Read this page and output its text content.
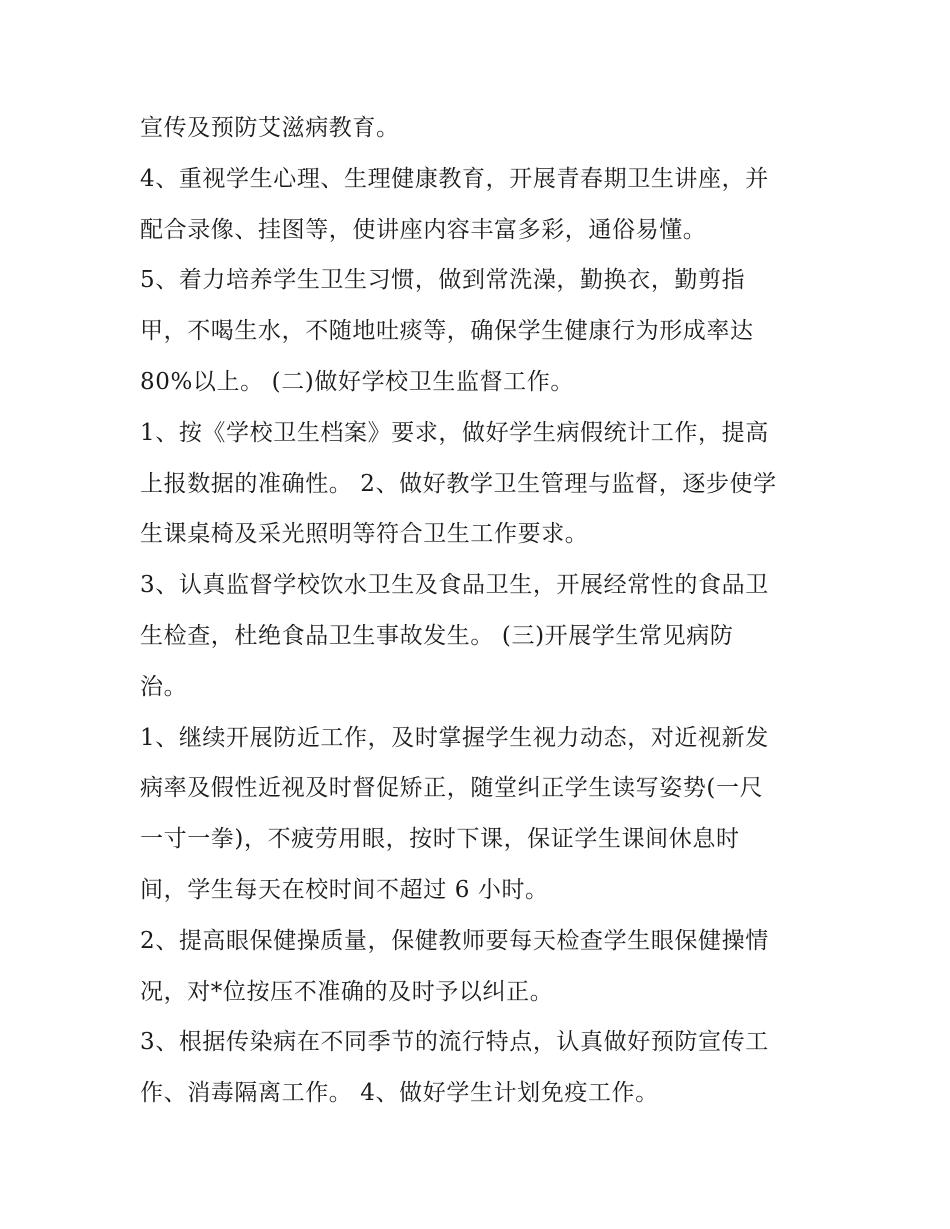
宣传及预防艾滋病教育。
4、重视学生心理、生理健康教育，开展青春期卫生讲座，并
配合录像、挂图等，使讲座内容丰富多彩，通俗易懂。
5、着力培养学生卫生习惯，做到常洗澡，勤换衣，勤剪指
甲，不喝生水，不随地吐痰等，确保学生健康行为形成率达
80%以上。 (二)做好学校卫生监督工作。
1、按《学校卫生档案》要求，做好学生病假统计工作，提高
上报数据的准确性。 2、做好教学卫生管理与监督，逐步使学
生课桌椅及采光照明等符合卫生工作要求。
3、认真监督学校饮水卫生及食品卫生，开展经常性的食品卫
生检查，杜绝食品卫生事故发生。 (三)开展学生常见病防
治。
1、继续开展防近工作，及时掌握学生视力动态，对近视新发
病率及假性近视及时督促矫正，随堂纠正学生读写姿势(一尺
一寸一拳)，不疲劳用眼，按时下课，保证学生课间休息时
间，学生每天在校时间不超过 6 小时。
2、提高眼保健操质量，保健教师要每天检查学生眼保健操情
况，对*位按压不准确的及时予以纠正。
3、根据传染病在不同季节的流行特点，认真做好预防宣传工
作、消毒隔离工作。 4、做好学生计划免疫工作。
